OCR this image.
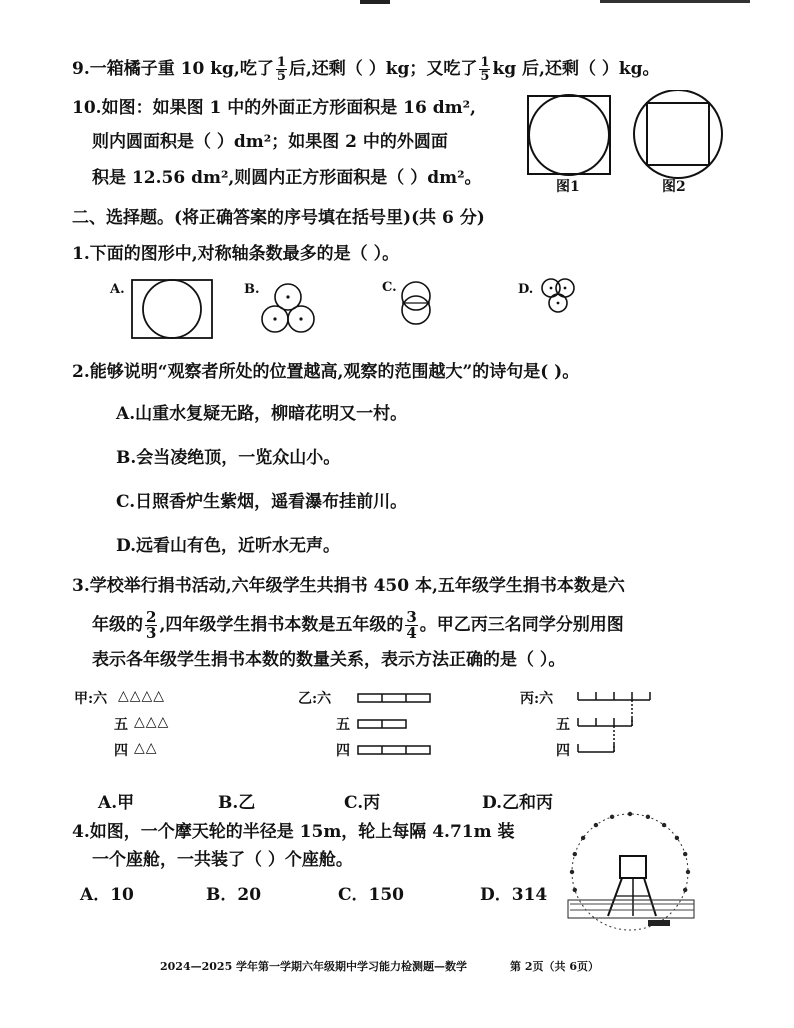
9.一箱橘子重 10 kg,吃了 $\frac{1}{5}$ 后,还剩（ ）kg；又吃了 $\frac{1}{5}$ kg 后,还剩（ ）kg。
10.如图：如果图 1 中的外面正方形面积是 16 dm²,
则内圆面积是（ ）dm²；如果图 2 中的外圆面
积是 12.56 dm²,则圆内正方形面积是（ ）dm²。	图1	图2
二、选择题。(将正确答案的序号填在括号里)(共 6 分)
1.下面的图形中,对称轴条数最多的是（ ）。
A.	B.	C.	D.
2.能够说明“观察者所处的位置越高,观察的范围越大”的诗句是( )。
A.山重水复疑无路，柳暗花明又一村。
B.会当凌绝顶，一览众山小。
C.日照香炉生紫烟，遥看瀑布挂前川。
D.远看山有色，近听水无声。
3.学校举行捐书活动,六年级学生共捐书 450 本,五年级学生捐书本数是六
年级的 $\frac{2}{3}$ ,四年级学生捐书本数是五年级的 $\frac{3}{4}$ 。甲乙丙三名同学分别用图
表示各年级学生捐书本数的数量关系，表示方法正确的是（ ）。
甲:六 △△△△
五 △△△
四 △△
乙:六
五
四
丙:六
五
四
A.甲	B.乙	C.丙	D.乙和丙
4.如图，一个摩天轮的半径是 15m，轮上每隔 4.71m 装
一个座舱，一共装了（ ）个座舱。
A．10	B．20	C．150	D．314
2024—2025 学年第一学期六年级期中学习能力检测题—数学	第 2页（共 6页）
